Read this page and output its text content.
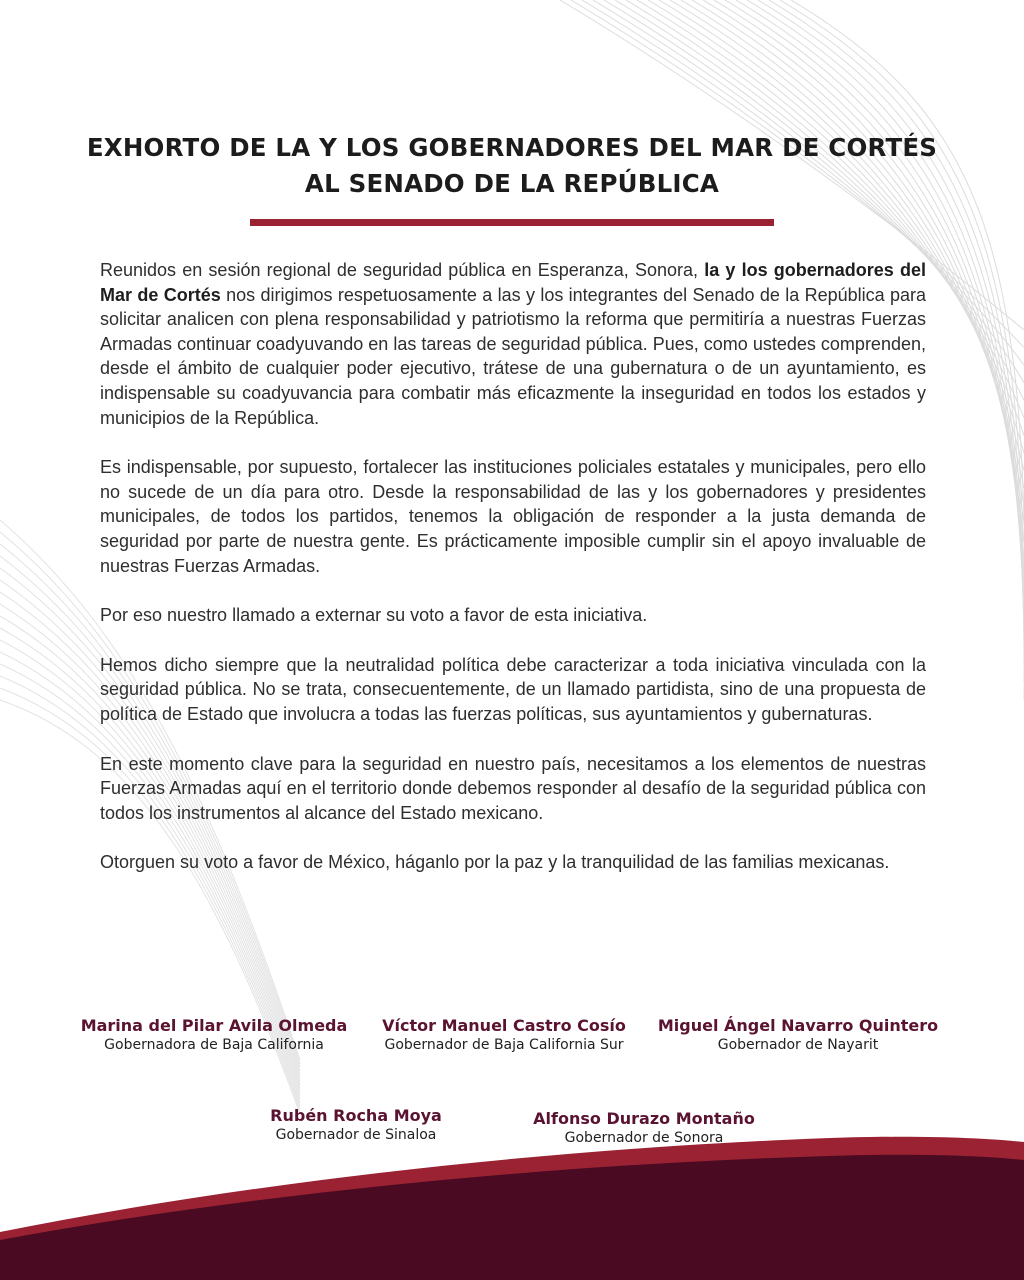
EXHORTO DE LA Y LOS GOBERNADORES DEL MAR DE CORTÉS
AL SENADO DE LA REPÚBLICA

Reunidos en sesión regional de seguridad pública en Esperanza, Sonora, la y los gobernadores del Mar de Cortés nos dirigimos respetuosamente a las y los integrantes del Senado de la República para solicitar analicen con plena responsabilidad y patriotismo la reforma que permitiría a nuestras Fuerzas Armadas continuar coadyuvando en las tareas de seguridad pública. Pues, como ustedes comprenden, desde el ámbito de cualquier poder ejecutivo, trátese de una gubernatura o de un ayuntamiento, es indispensable su coadyuvancia para combatir más eficazmente la inseguridad en todos los estados y municipios de la República.

Es indispensable, por supuesto, fortalecer las instituciones policiales estatales y municipales, pero ello no sucede de un día para otro. Desde la responsabilidad de las y los gobernadores y presidentes municipales, de todos los partidos, tenemos la obligación de responder a la justa demanda de seguridad por parte de nuestra gente. Es prácticamente imposible cumplir sin el apoyo invaluable de nuestras Fuerzas Armadas.

Por eso nuestro llamado a externar su voto a favor de esta iniciativa.

Hemos dicho siempre que la neutralidad política debe caracterizar a toda iniciativa vinculada con la seguridad pública. No se trata, consecuentemente, de un llamado partidista, sino de una propuesta de política de Estado que involucra a todas las fuerzas políticas, sus ayuntamientos y gubernaturas.

En este momento clave para la seguridad en nuestro país, necesitamos a los elementos de nuestras Fuerzas Armadas aquí en el territorio donde debemos responder al desafío de la seguridad pública con todos los instrumentos al alcance del Estado mexicano.

Otorguen su voto a favor de México, háganlo por la paz y la tranquilidad de las familias mexicanas.

Marina del Pilar Avila Olmeda
Gobernadora de Baja California
Víctor Manuel Castro Cosío
Gobernador de Baja California Sur
Miguel Ángel Navarro Quintero
Gobernador de Nayarit
Rubén Rocha Moya
Gobernador de Sinaloa
Alfonso Durazo Montaño
Gobernador de Sonora
